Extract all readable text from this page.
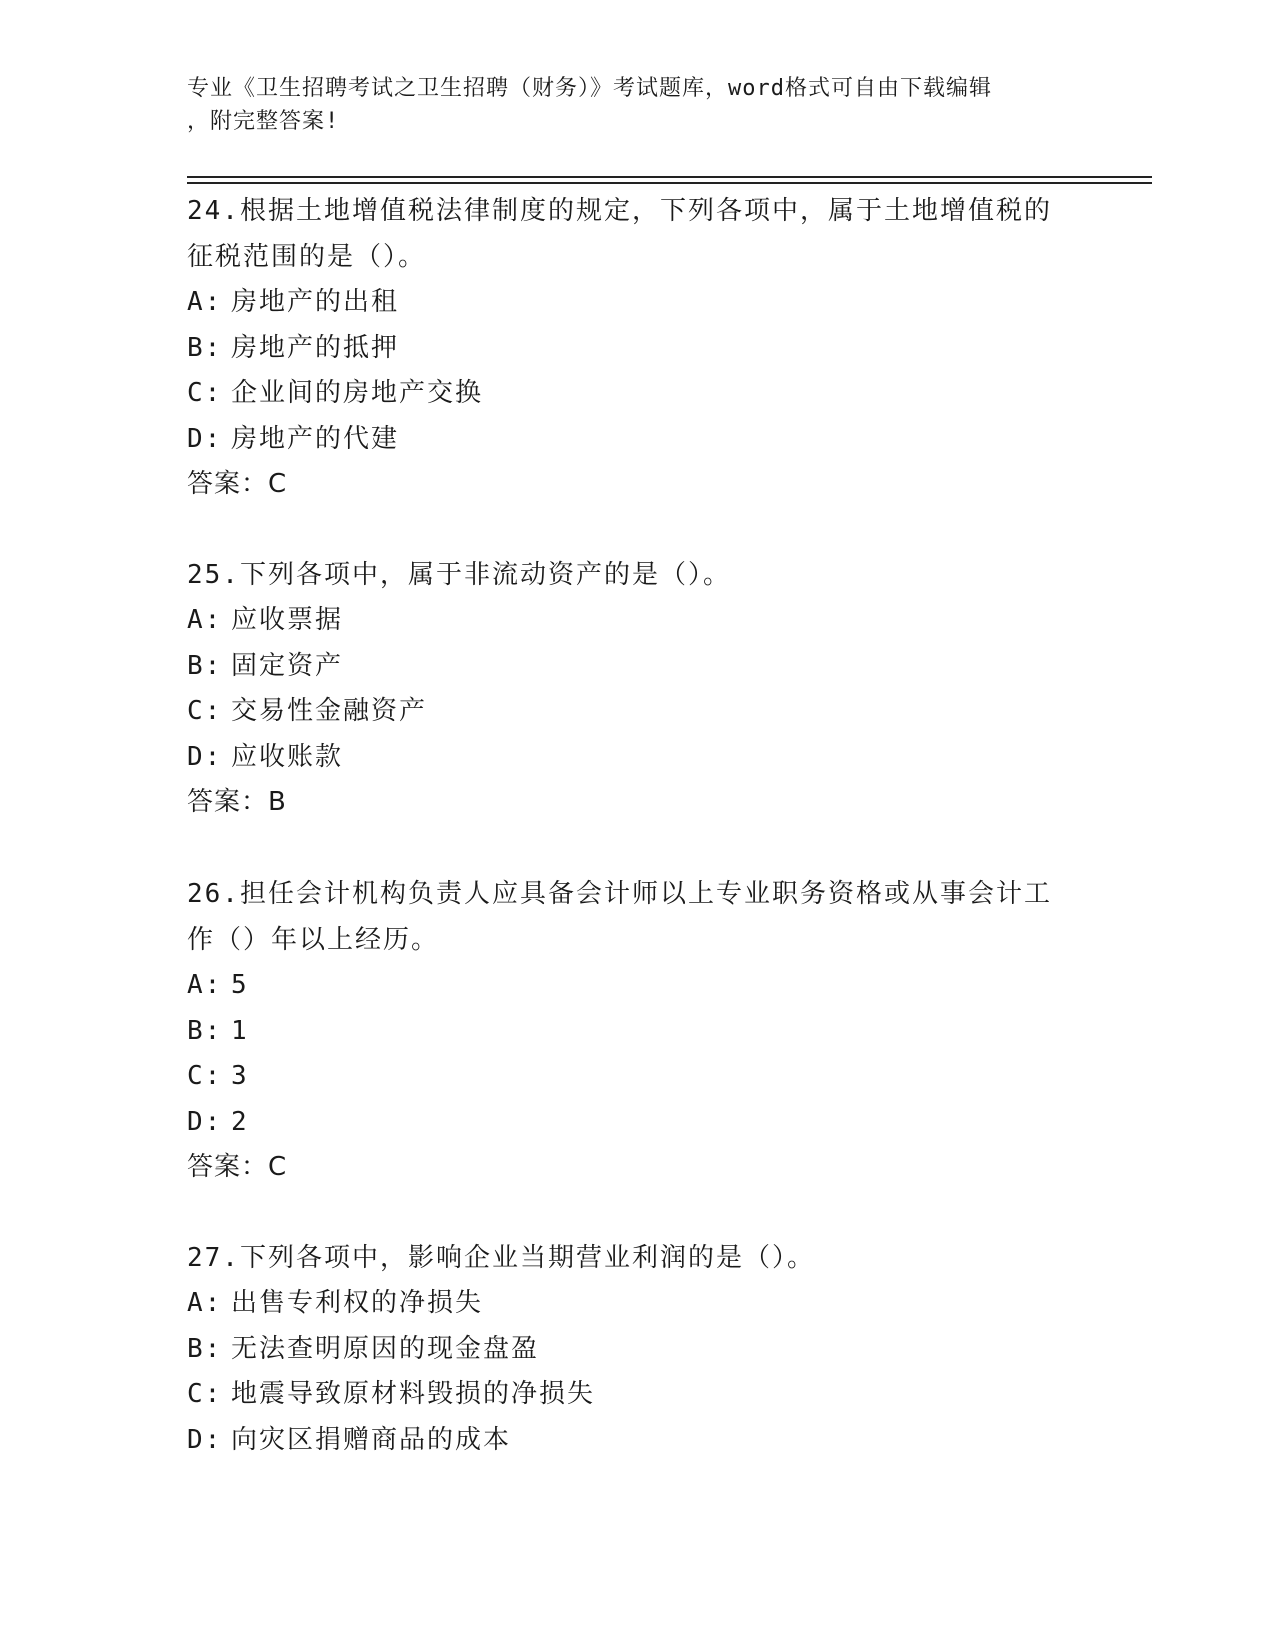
专业《卫生招聘考试之卫生招聘（财务）》考试题库，word格式可自由下载编辑
，附完整答案!

24.根据土地增值税法律制度的规定，下列各项中，属于土地增值税的征税范围的是（）。

A: 房地产的出租

B: 房地产的抵押

C: 企业间的房地产交换

D: 房地产的代建

答案：C

25.下列各项中，属于非流动资产的是（）。

A: 应收票据

B: 固定资产

C: 交易性金融资产

D: 应收账款

答案：B

26.担任会计机构负责人应具备会计师以上专业职务资格或从事会计工作（）年以上经历。

A: 5

B: 1

C: 3

D: 2

答案：C

27.下列各项中，影响企业当期营业利润的是（）。

A: 出售专利权的净损失

B: 无法查明原因的现金盘盈

C: 地震导致原材料毁损的净损失

D: 向灾区捐赠商品的成本
